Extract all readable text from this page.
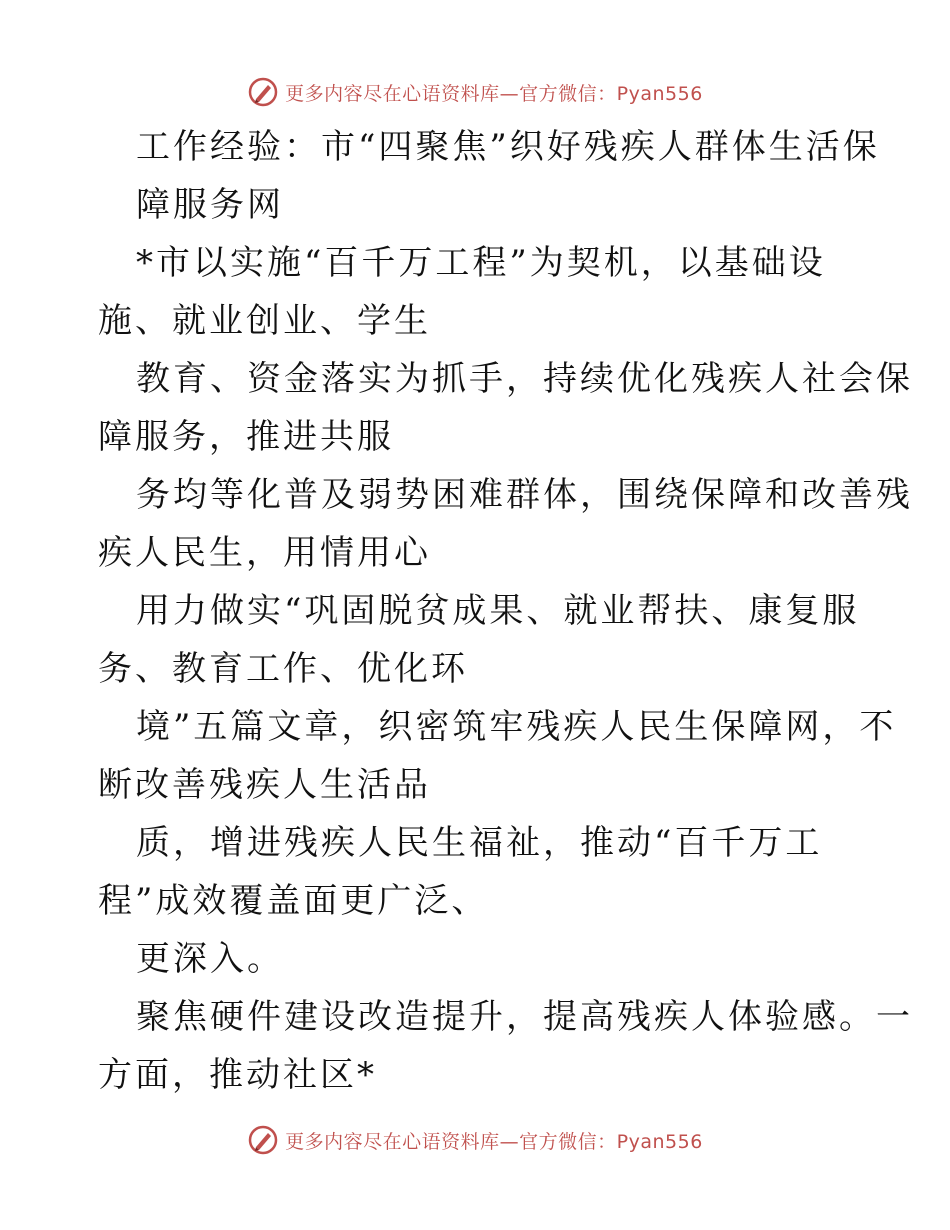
更多内容尽在心语资料库—官方微信：Pyan556
工作经验：市“四聚焦”织好残疾人群体生活保
障服务网
*市以实施“百千万工程”为契机，以基础设
施、就业创业、学生
教育、资金落实为抓手，持续优化残疾人社会保
障服务，推进共服
务均等化普及弱势困难群体，围绕保障和改善残
疾人民生，用情用心
用力做实“巩固脱贫成果、就业帮扶、康复服
务、教育工作、优化环
境”五篇文章，织密筑牢残疾人民生保障网，不
断改善残疾人生活品
质，增进残疾人民生福祉，推动“百千万工
程”成效覆盖面更广泛、
更深入。
聚焦硬件建设改造提升，提高残疾人体验感。一
方面，推动社区*
更多内容尽在心语资料库—官方微信：Pyan556
